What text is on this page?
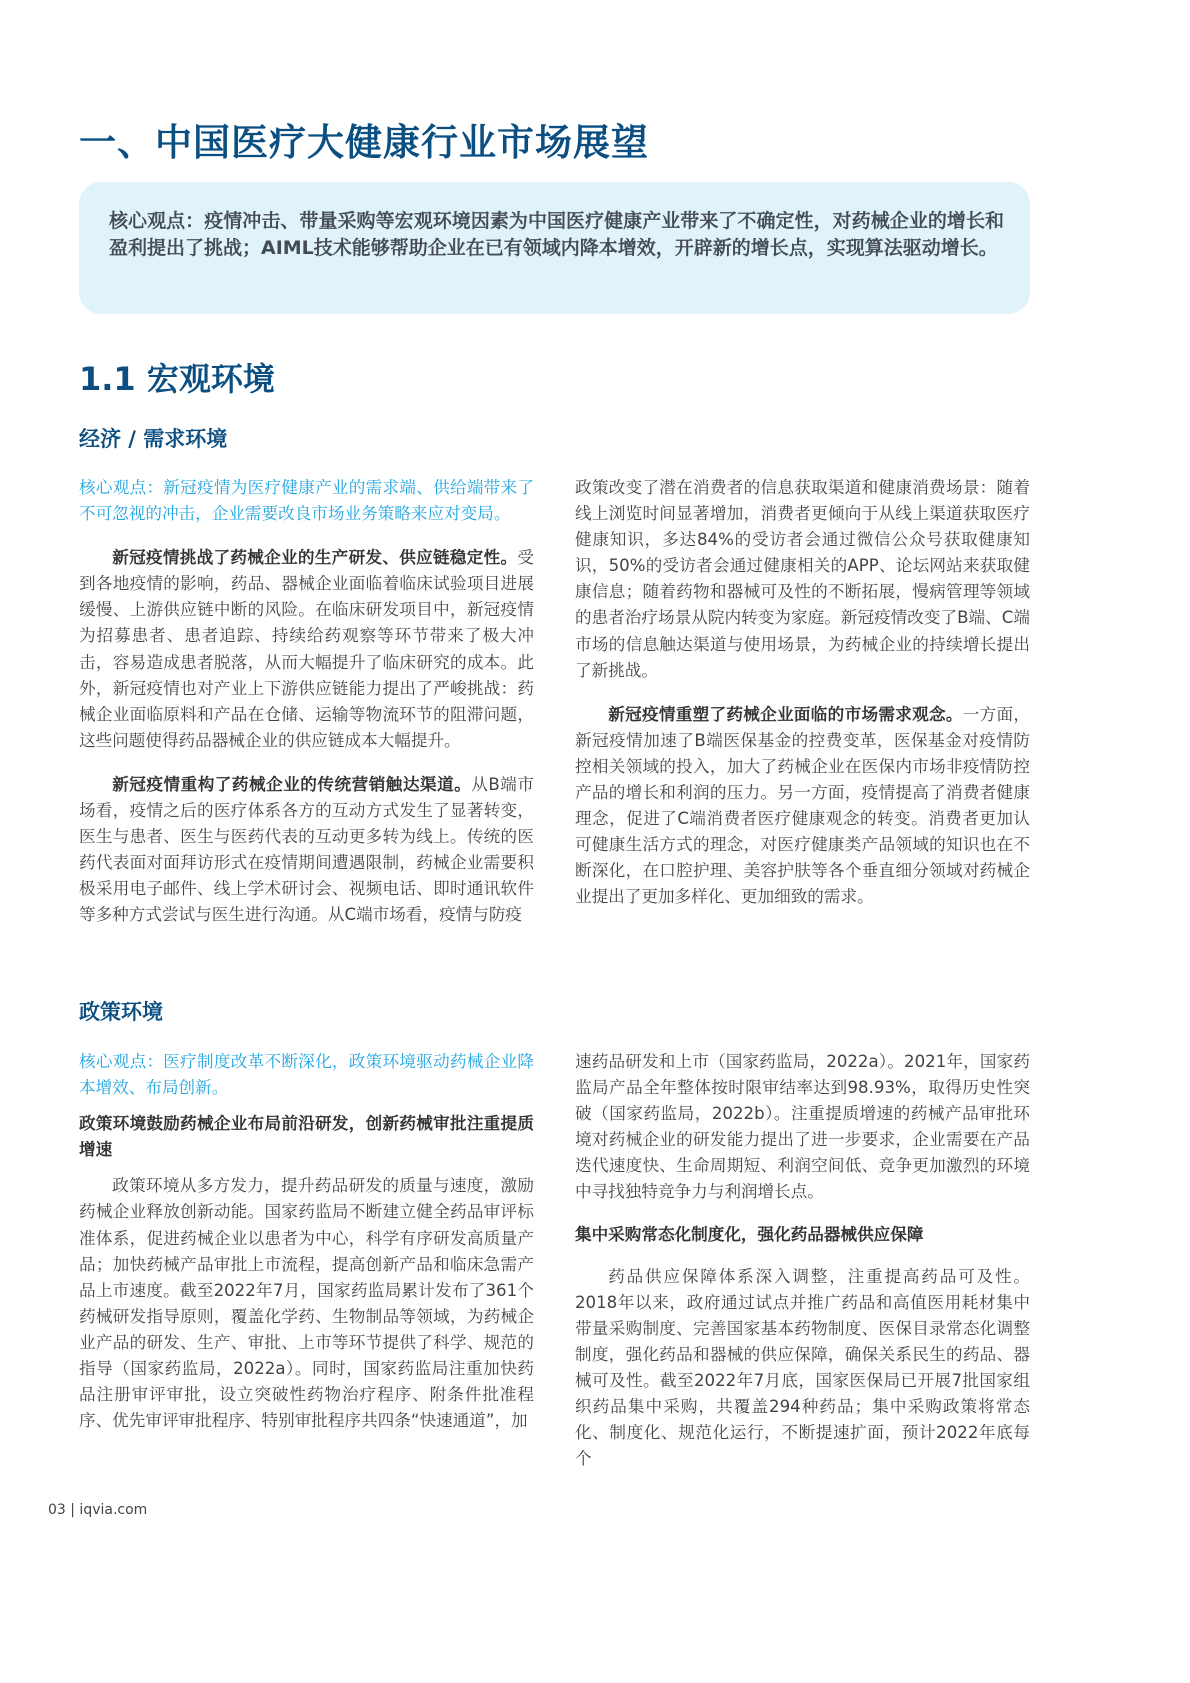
一、中国医疗大健康行业市场展望

核心观点：疫情冲击、带量采购等宏观环境因素为中国医疗健康产业带来了不确定性，对药械企业的增长和盈利提出了挑战；AIML技术能够帮助企业在已有领域内降本增效，开辟新的增长点，实现算法驱动增长。

1.1 宏观环境
经济 / 需求环境

核心观点：新冠疫情为医疗健康产业的需求端、供给端带来了不可忽视的冲击，企业需要改良市场业务策略来应对变局。

新冠疫情挑战了药械企业的生产研发、供应链稳定性。受到各地疫情的影响，药品、器械企业面临着临床试验项目进展缓慢、上游供应链中断的风险。在临床研发项目中，新冠疫情为招募患者、患者追踪、持续给药观察等环节带来了极大冲击，容易造成患者脱落，从而大幅提升了临床研究的成本。此外，新冠疫情也对产业上下游供应链能力提出了严峻挑战：药械企业面临原料和产品在仓储、运输等物流环节的阻滞问题，这些问题使得药品器械企业的供应链成本大幅提升。

新冠疫情重构了药械企业的传统营销触达渠道。从B端市场看，疫情之后的医疗体系各方的互动方式发生了显著转变，医生与患者、医生与医药代表的互动更多转为线上。传统的医药代表面对面拜访形式在疫情期间遭遇限制，药械企业需要积极采用电子邮件、线上学术研讨会、视频电话、即时通讯软件等多种方式尝试与医生进行沟通。从C端市场看，疫情与防疫

政策改变了潜在消费者的信息获取渠道和健康消费场景：随着线上浏览时间显著增加，消费者更倾向于从线上渠道获取医疗健康知识，多达84%的受访者会通过微信公众号获取健康知识，50%的受访者会通过健康相关的APP、论坛网站来获取健康信息；随着药物和器械可及性的不断拓展，慢病管理等领域的患者治疗场景从院内转变为家庭。新冠疫情改变了B端、C端市场的信息触达渠道与使用场景，为药械企业的持续增长提出了新挑战。

新冠疫情重塑了药械企业面临的市场需求观念。一方面，新冠疫情加速了B端医保基金的控费变革，医保基金对疫情防控相关领域的投入，加大了药械企业在医保内市场非疫情防控产品的增长和利润的压力。另一方面，疫情提高了消费者健康理念，促进了C端消费者医疗健康观念的转变。消费者更加认可健康生活方式的理念，对医疗健康类产品领域的知识也在不断深化，在口腔护理、美容护肤等各个垂直细分领域对药械企业提出了更加多样化、更加细致的需求。

政策环境

核心观点：医疗制度改革不断深化，政策环境驱动药械企业降本增效、布局创新。

政策环境鼓励药械企业布局前沿研发，创新药械审批注重提质增速

政策环境从多方发力，提升药品研发的质量与速度，激励药械企业释放创新动能。国家药监局不断建立健全药品审评标准体系，促进药械企业以患者为中心，科学有序研发高质量产品；加快药械产品审批上市流程，提高创新产品和临床急需产品上市速度。截至2022年7月，国家药监局累计发布了361个药械研发指导原则，覆盖化学药、生物制品等领域，为药械企业产品的研发、生产、审批、上市等环节提供了科学、规范的指导（国家药监局，2022a）。同时，国家药监局注重加快药品注册审评审批，设立突破性药物治疗程序、附条件批准程序、优先审评审批程序、特别审批程序共四条“快速通道”，加

速药品研发和上市（国家药监局，2022a）。2021年，国家药监局产品全年整体按时限审结率达到98.93%，取得历史性突破（国家药监局，2022b）。注重提质增速的药械产品审批环境对药械企业的研发能力提出了进一步要求，企业需要在产品迭代速度快、生命周期短、利润空间低、竞争更加激烈的环境中寻找独特竞争力与利润增长点。

集中采购常态化制度化，强化药品器械供应保障

药品供应保障体系深入调整，注重提高药品可及性。2018年以来，政府通过试点并推广药品和高值医用耗材集中带量采购制度、完善国家基本药物制度、医保目录常态化调整制度，强化药品和器械的供应保障，确保关系民生的药品、器械可及性。截至2022年7月底，国家医保局已开展7批国家组织药品集中采购，共覆盖294种药品；集中采购政策将常态化、制度化、规范化运行，不断提速扩面，预计2022年底每个

03 | iqvia.com
